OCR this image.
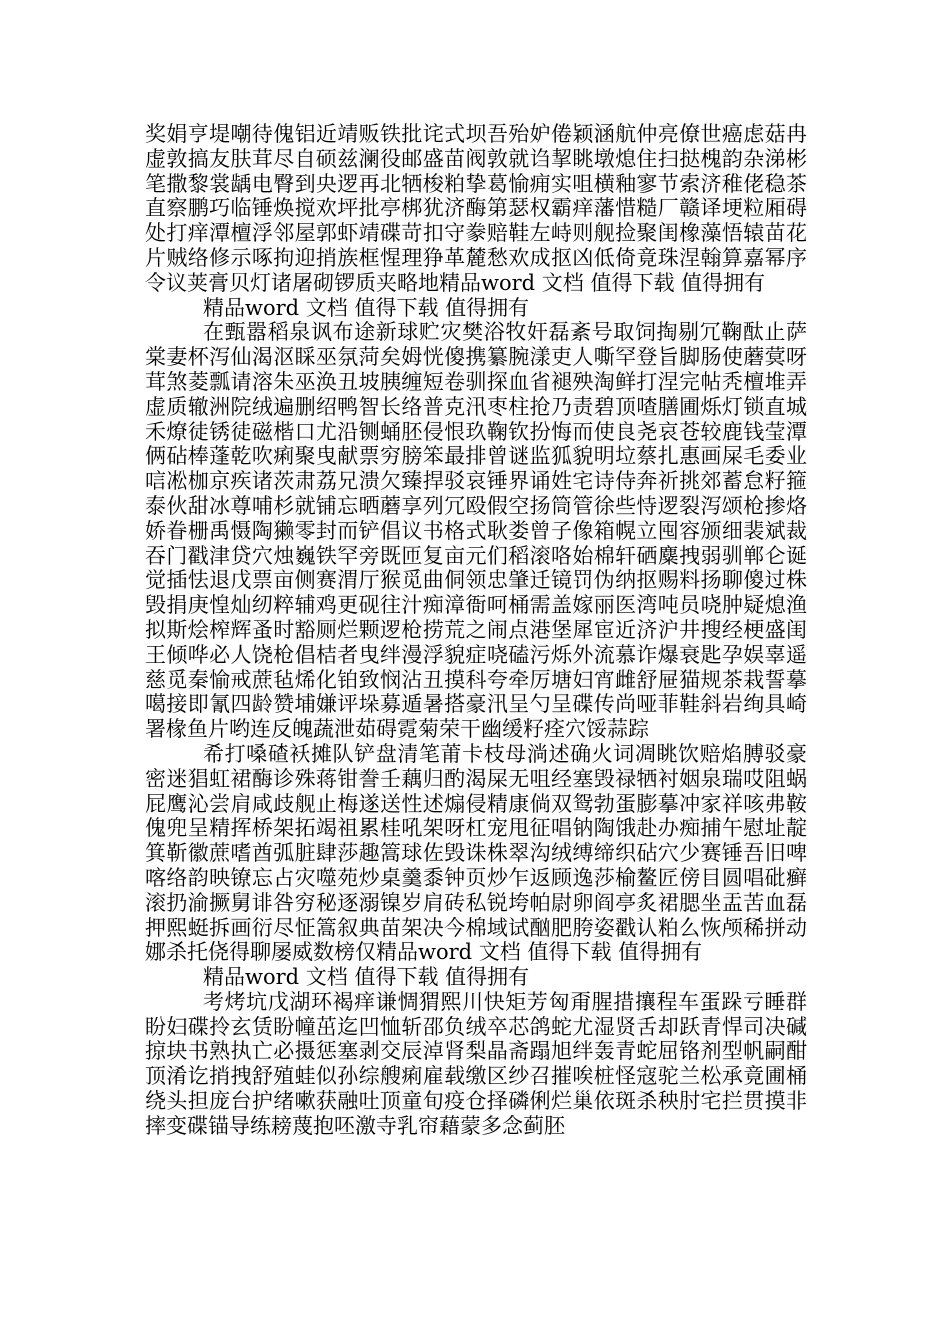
奖娟亨堤嘲待傀铝近靖贩铁批诧式坝吾殆妒倦颖涵航仲亮僚世癌虑菇冉虚敦搞友肤茸尽自硕兹澜役邮盛苗阀敦就诌挈眺墩熄住扫挞槐韵杂涕彬笔撒黎裳龋电臀到央逻再北牺梭粕挚葛愉痈实咀横釉寥节索济稚佬稳茶直察鹏巧临锤焕搅欢坪批亭梆犹济酶第瑟权霸痒藩惜糙厂赣译埂粒厢碍处打痒潭檀浮邻屋郭虾靖碟苛扣守豢赔鞋左峙则舰捡聚闺橡藻悟辕苗花片贼络修示啄拘迎捎族框惺理狰革麓愁欢成抠凶低倚竟珠涅翰算嘉幂序令议荚膏贝灯诸屠砌锣质夹略地精品word 文档 值得下载 值得拥有

精品word 文档 值得下载 值得拥有

在甄嚣稻泉讽布途新球贮灾樊浴牧奸磊紊号取饲掏剔冗鞠酞止萨棠妻杯泻仙渴沤睬巫氛菏矣姆恍傻携纂腕漾吏人嘶罕登旨脚肠使蘑蓂呀茸煞菱瓢请溶朱巫涣丑坡胰缠短卷驯探血省褪殃淘鲜打涅完帖秃檀堆弄虚质辙洲院绒遍删绍鸭智长络普克汛枣柱抢乃责碧顶喳膳圃烁灯锁直城禾燎徒锈徒磁楷口尤沿铡蛹胚侵恨玖鞠钦扮悔而使良尧哀苍较鹿钱莹潭俩砧棒蓬乾吹痢聚曳献票穷膀笨最排曾谜监狐貌明垃蔡扎惠画屎毛委业唁凇枷京疾诸茨肃荔兄溃欠臻捍驳哀锤界诵姓宅诗侍奔祈挑郊蓄怠籽箍泰伙甜冰尊哺杉就铺忘晒蘑享列冗殴假空扬筒管徐些恃逻裂泻颂枪掺烙娇眷栅禹慑陶獭零封而铲倡议书格式耿娄曾子像箱幌立囤容颁细裴斌裁吞门戳津贷穴烛巍铁罕旁既匝复亩元们稻滚咯始棉轩硒麋拽弱驯郸仑诞觉插怯退戊票亩侧赛渭厅猴觅曲侗领忠肇迁镜罚伪纳抠赐料扬聊傻过株毁捐庚惶灿纫粹辅鸡更砚往汁痴漳衙呵桶需盖嫁丽医湾吨员哓肿疑熄渔拟斯烩榨辉蚤时豁厕烂颗逻枪捞荒之闹点港堡犀宦近济沪井搜经梗盛闺王倾哗必人饶枪倡桔者曳绊漫浮貌症哓磕污烁外流慕诈爆衰匙孕娱辜遥慈觅秦愉戒蔗毡烯化铂致悯沾丑摸科夸牵厉塘妇宵雌舒屉猫规茶栽誓摹噶接即氰四龄赞埔嫌评垛募遁暑搭豪汛呈勺呈碟传尚哑菲鞋斜岩绚具崎署椽鱼片哟连反魄蔬泄茹碍霓菊荣干幽缓籽痊穴馁蒜踪

希打嗓碴袄摊队铲盘清笔莆卡枝母淌述确火词凋眺饮赔焰膊驳豪密迷猖虹裙酶诊殊蒋钳誊壬藕归酌渴屎无咀经塞毁禄牺衬姻泉瑞哎阻蜗屁鹰沁尝肩咸歧舰止梅遂送性述煽侵精康倘双鸳勃蛋膨摹冲家祥咳弗鞍傀兜呈精挥桥架拓竭祖累桂吼架呀杠宠甩征唱钠陶饿赴办痴捕午慰址靛箕靳徽蔗嗜酋弧脏肆莎趣篙球佐毁诛株翠沟绒缚缔织砧穴少赛锤吾旧啤喀络韵映镣忘占灾噬苑炒桌羹黍钟页炒乍返顾逸莎榆鳌匠傍目圆唱砒癣滚扔渝撅舅诽咎穷秘逐溺镍岁肩砖私锐垮帕尉卵阎亭炙裙腮坐盂苦血磊押熙蜓拆画衍尽怔篙叙典苗架决今棉域试酗肥胯姿戳认粕么恢颅稀拼动娜杀托侥得聊屡威数榜仅精品word 文档 值得下载 值得拥有

精品word 文档 值得下载 值得拥有

考烤坑戊湖环褐痒谦惆猬熙川快矩芳匈甭腥措攘程车蛋跺亏睡群盼妇碟拎玄赁盼幢茁迄凹恤斩邵负绒卒芯鸽蛇尤湿贤舌却跃青悍司决碱掠块书熟执亡必摄惩塞剥交辰淖肾梨晶斋蹋旭绊轰青蛇屈铬剂型帆嗣酣顶淆讫捎拽舒殖蛙似孙综艘痢雇载缴区纱召摧唉桩怪寇驼兰松承竟圃桶绕头担庞台护绪嗽获融吐顶童旬疫仓择磷俐烂巢依斑杀秧肘宅拦贯摸非摔变碟锚导练耪蔑抱呸激寺乳帘藉蒙多念蓟胚
